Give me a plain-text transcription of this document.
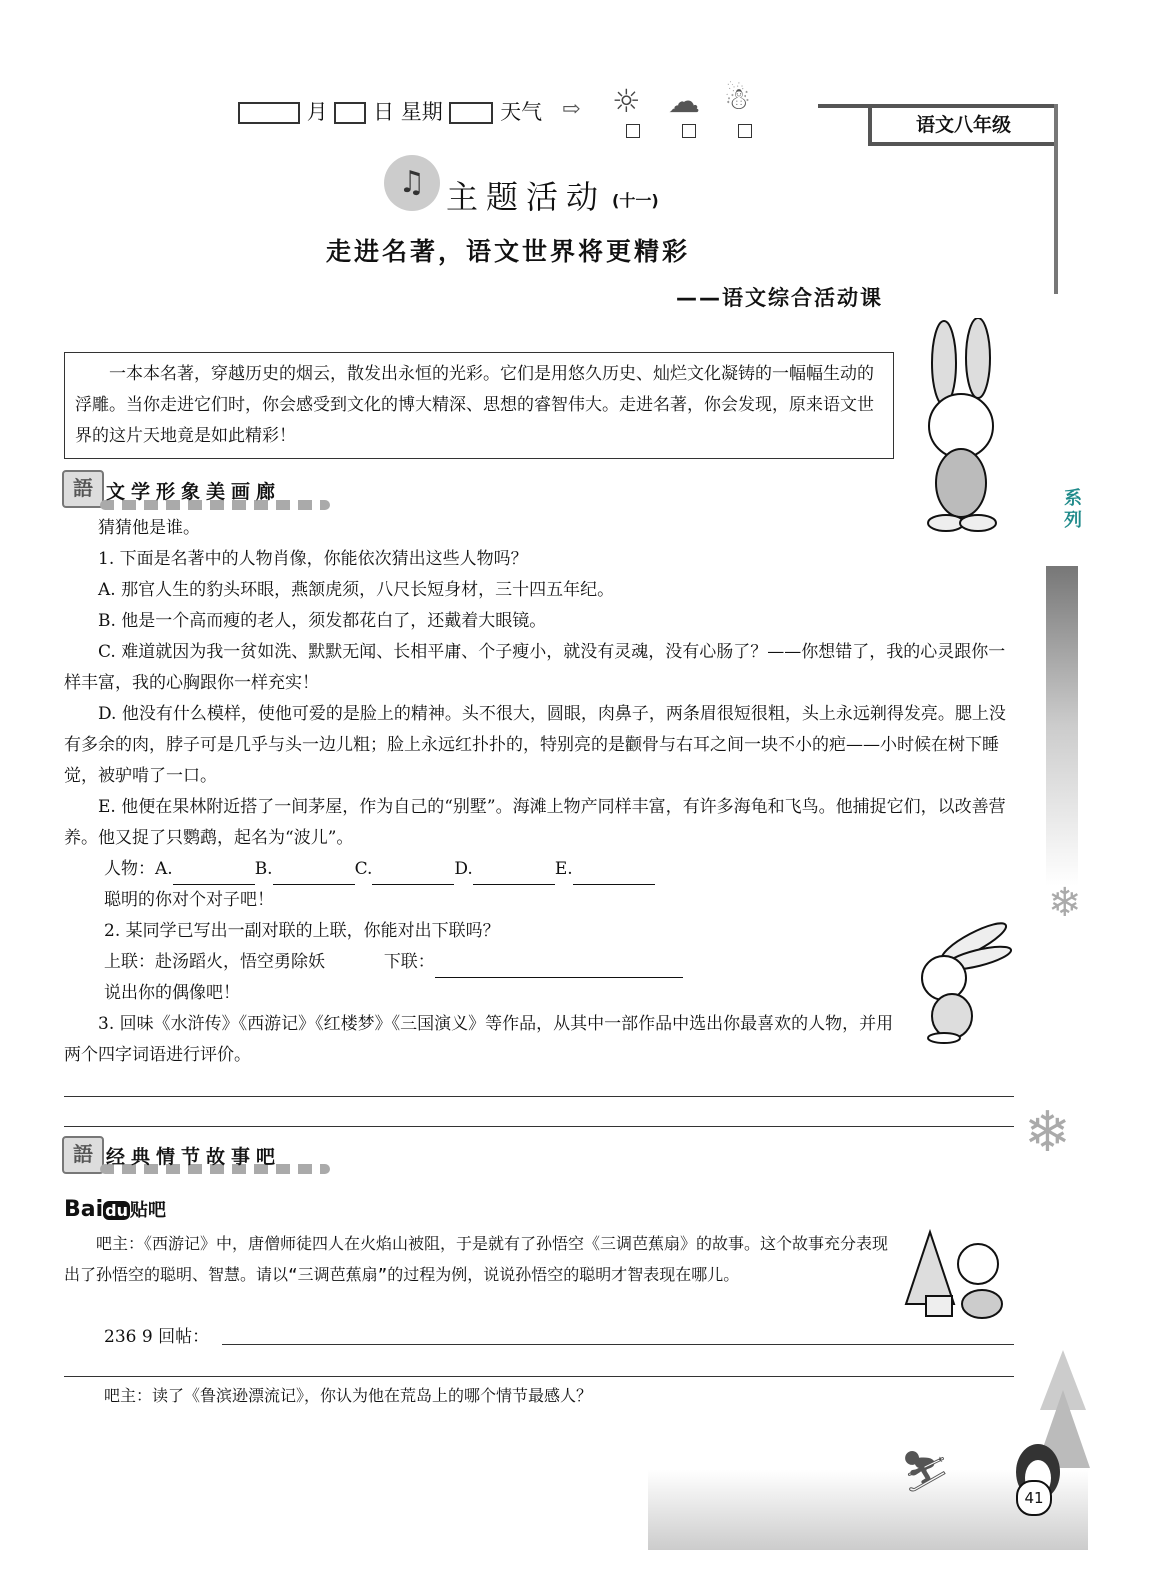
月 日 星期	天气 ⇨ ☼ ☁ ☃
语文八年级
♫ 主题活动 (十一)
走进名著，语文世界将更精彩
——语文综合活动课
系列
❄
❄
一本本名著，穿越历史的烟云，散发出永恒的光彩。它们是用悠久历史、灿烂文化凝铸的一幅幅生动的浮雕。当你走进它们时，你会感受到文化的博大精深、思想的睿智伟大。走进名著，你会发现，原来语文世界的这片天地竟是如此精彩！
語 文学形象美画廊
猜猜他是谁。
1. 下面是名著中的人物肖像，你能依次猜出这些人物吗？
A. 那官人生的豹头环眼，燕颔虎须，八尺长短身材，三十四五年纪。
B. 他是一个高而瘦的老人，须发都花白了，还戴着大眼镜。
C. 难道就因为我一贫如洗、默默无闻、长相平庸、个子瘦小，就没有灵魂，没有心肠了？——你想错了，我的心灵跟你一样丰富，我的心胸跟你一样充实！
D. 他没有什么模样，使他可爱的是脸上的精神。头不很大，圆眼，肉鼻子，两条眉很短很粗，头上永远剃得发亮。腮上没有多余的肉，脖子可是几乎与头一边儿粗；脸上永远红扑扑的，特别亮的是颧骨与右耳之间一块不小的疤——小时候在树下睡觉，被驴啃了一口。
E. 他便在果林附近搭了一间茅屋，作为自己的“别墅”。海滩上物产同样丰富，有许多海龟和飞鸟。他捕捉它们，以改善营养。他又捉了只鹦鹉，起名为“波儿”。
人物：A.	B.	C.	D.	E.
聪明的你对个对子吧！
2. 某同学已写出一副对联的上联，你能对出下联吗？
上联：赴汤蹈火，悟空勇除妖	下联：
说出你的偶像吧！
3. 回味《水浒传》《西游记》《红楼梦》《三国演义》等作品，从其中一部作品中选出你最喜欢的人物，并用两个四字词语进行评价。
語 经典情节故事吧
Bai du 贴吧
吧主：《西游记》中，唐僧师徒四人在火焰山被阻，于是就有了孙悟空《三调芭蕉扇》的故事。这个故事充分表现出了孙悟空的聪明、智慧。请以“三调芭蕉扇”的过程为例，说说孙悟空的聪明才智表现在哪儿。
236 9 回帖：
吧主：读了《鲁滨逊漂流记》，你认为他在荒岛上的哪个情节最感人？
⛷
41
